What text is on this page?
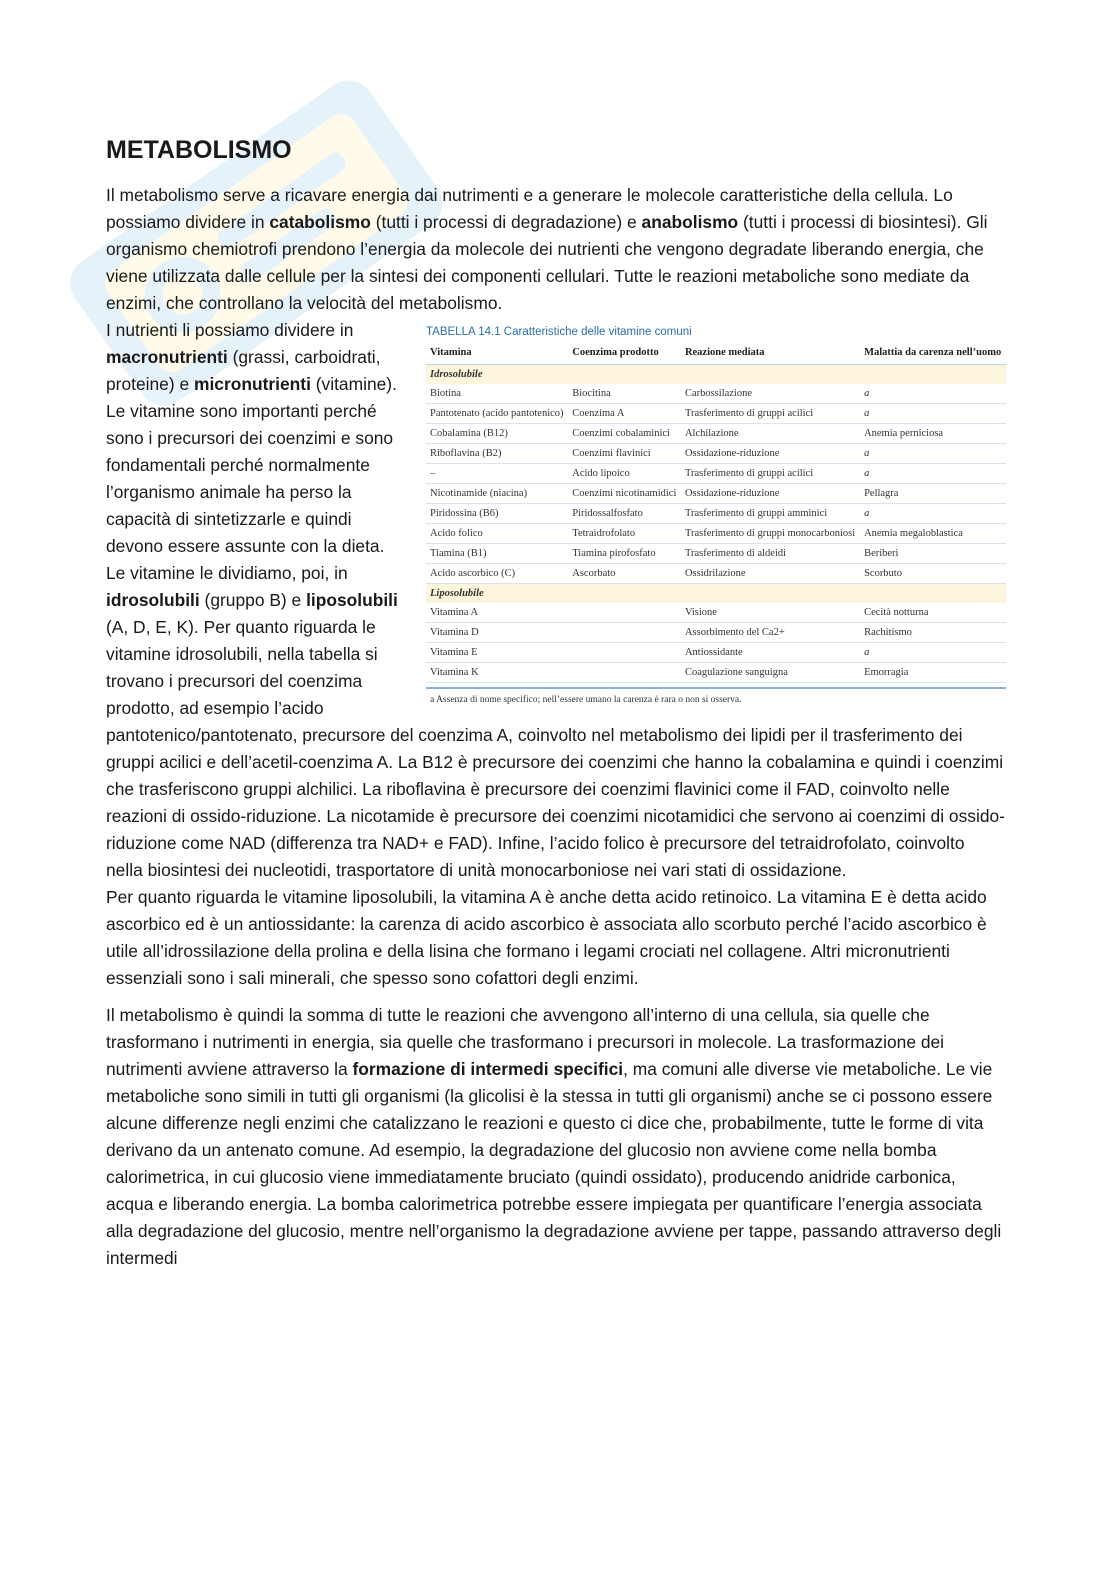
METABOLISMO

Il metabolismo serve a ricavare energia dai nutrimenti e a generare le molecole caratteristiche della cellula. Lo possiamo dividere in catabolismo (tutti i processi di degradazione) e anabolismo (tutti i processi di biosintesi). Gli organismo chemiotrofi prendono l’energia da molecole dei nutrienti che vengono degradate liberando energia, che viene utilizzata dalle cellule per la sintesi dei componenti cellulari. Tutte le reazioni metaboliche sono mediate da enzimi, che controllano la velocità del metabolismo.

TABELLA 14.1 Caratteristiche delle vitamine comuni
Vitamina	Coenzima prodotto	Reazione mediata	Malattia da carenza nell’uomo
Idrosolubile			
Biotina	Biocitina	Carbossilazione	a
Pantotenato (acido pantotenico)	Coenzima A	Trasferimento di gruppi acilici	a
Cobalamina (B12)	Coenzimi cobalaminici	Alchilazione	Anemia perniciosa
Riboflavina (B2)	Coenzimi flavinici	Ossidazione-riduzione	a
–	Acido lipoico	Trasferimento di gruppi acilici	a
Nicotinamide (niacina)	Coenzimi nicotinamidici	Ossidazione-riduzione	Pellagra
Piridossina (B6)	Piridossalfosfato	Trasferimento di gruppi amminici	a
Acido folico	Tetraidrofolato	Trasferimento di gruppi monocarboniosi	Anemia megaloblastica
Tiamina (B1)	Tiamina pirofosfato	Trasferimento di aldeidi	Beriberi
Acido ascorbico (C)	Ascorbato	Ossidrilazione	Scorbuto
Liposolubile			
Vitamina A		Visione	Cecità notturna
Vitamina D		Assorbimento del Ca2+	Rachitismo
Vitamina E		Antiossidante	a
Vitamina K		Coagulazione sanguigna	Emorragia
a Assenza di nome specifico; nell’essere umano la carenza è rara o non si osserva.

I nutrienti li possiamo dividere in macronutrienti (grassi, carboidrati, proteine) e micronutrienti (vitamine). Le vitamine sono importanti perché sono i precursori dei coenzimi e sono fondamentali perché normalmente l’organismo animale ha perso la capacità di sintetizzarle e quindi devono essere assunte con la dieta. Le vitamine le dividiamo, poi, in idrosolubili (gruppo B) e liposolubili (A, D, E, K). Per quanto riguarda le vitamine idrosolubili, nella tabella si trovano i precursori del coenzima prodotto, ad esempio l’acido pantotenico/pantotenato, precursore del coenzima A, coinvolto nel metabolismo dei lipidi per il trasferimento dei gruppi acilici e dell’acetil-coenzima A. La B12 è precursore dei coenzimi che hanno la cobalamina e quindi i coenzimi che trasferiscono gruppi alchilici. La riboflavina è precursore dei coenzimi flavinici come il FAD, coinvolto nelle reazioni di ossido-riduzione. La nicotamide è precursore dei coenzimi nicotamidici che servono ai coenzimi di ossido-riduzione come NAD (differenza tra NAD+ e FAD). Infine, l’acido folico è precursore del tetraidrofolato, coinvolto nella biosintesi dei nucleotidi, trasportatore di unità monocarboniose nei vari stati di ossidazione.

Per quanto riguarda le vitamine liposolubili, la vitamina A è anche detta acido retinoico. La vitamina E è detta acido ascorbico ed è un antiossidante: la carenza di acido ascorbico è associata allo scorbuto perché l’acido ascorbico è utile all’idrossilazione della prolina e della lisina che formano i legami crociati nel collagene. Altri micronutrienti essenziali sono i sali minerali, che spesso sono cofattori degli enzimi.

Il metabolismo è quindi la somma di tutte le reazioni che avvengono all’interno di una cellula, sia quelle che trasformano i nutrimenti in energia, sia quelle che trasformano i precursori in molecole. La trasformazione dei nutrimenti avviene attraverso la formazione di intermedi specifici, ma comuni alle diverse vie metaboliche. Le vie metaboliche sono simili in tutti gli organismi (la glicolisi è la stessa in tutti gli organismi) anche se ci possono essere alcune differenze negli enzimi che catalizzano le reazioni e questo ci dice che, probabilmente, tutte le forme di vita derivano da un antenato comune. Ad esempio, la degradazione del glucosio non avviene come nella bomba calorimetrica, in cui glucosio viene immediatamente bruciato (quindi ossidato), producendo anidride carbonica, acqua e liberando energia. La bomba calorimetrica potrebbe essere impiegata per quantificare l’energia associata alla degradazione del glucosio, mentre nell’organismo la degradazione avviene per tappe, passando attraverso degli intermedi
